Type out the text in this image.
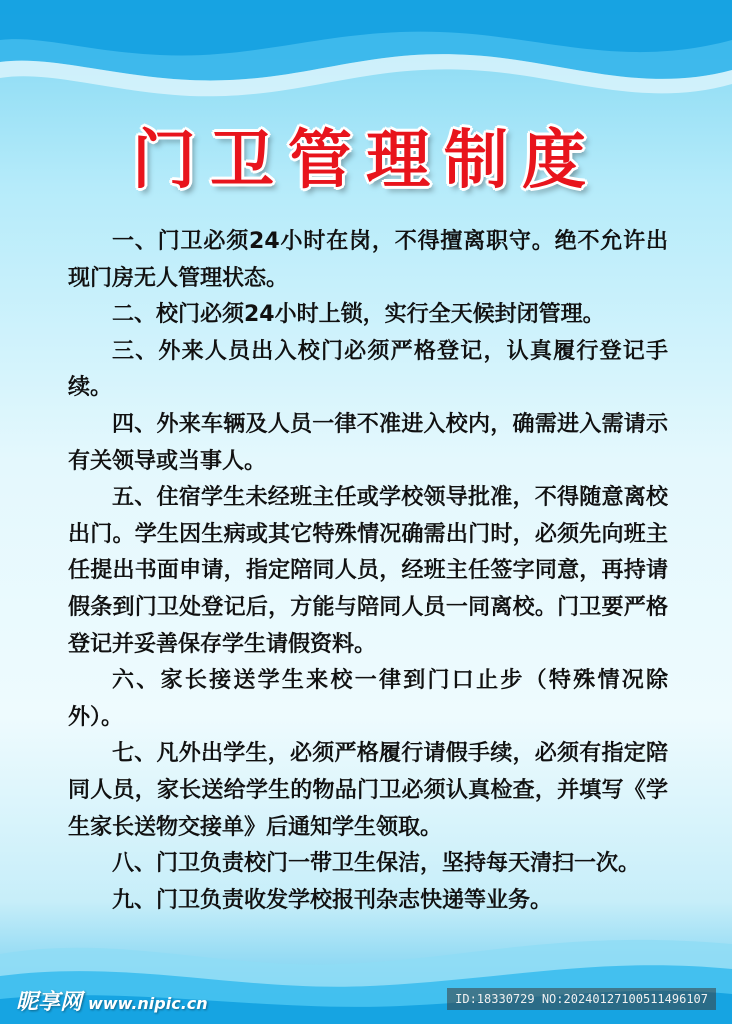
门卫管理制度

一、门卫必须24小时在岗，不得擅离职守。绝不允许出现门房无人管理状态。

二、校门必须24小时上锁，实行全天候封闭管理。

三、外来人员出入校门必须严格登记，认真履行登记手续。

四、外来车辆及人员一律不准进入校内，确需进入需请示有关领导或当事人。

五、住宿学生未经班主任或学校领导批准，不得随意离校出门。学生因生病或其它特殊情况确需出门时，必须先向班主任提出书面申请，指定陪同人员，经班主任签字同意，再持请假条到门卫处登记后，方能与陪同人员一同离校。门卫要严格登记并妥善保存学生请假资料。

六、家长接送学生来校一律到门口止步（特殊情况除外）。

七、凡外出学生，必须严格履行请假手续，必须有指定陪同人员，家长送给学生的物品门卫必须认真检查，并填写《学生家长送物交接单》后通知学生领取。

八、门卫负责校门一带卫生保洁，坚持每天清扫一次。

九、门卫负责收发学校报刊杂志快递等业务。

昵享网 www.nipic.cn	ID:18330729 NO:20240127100511496107
